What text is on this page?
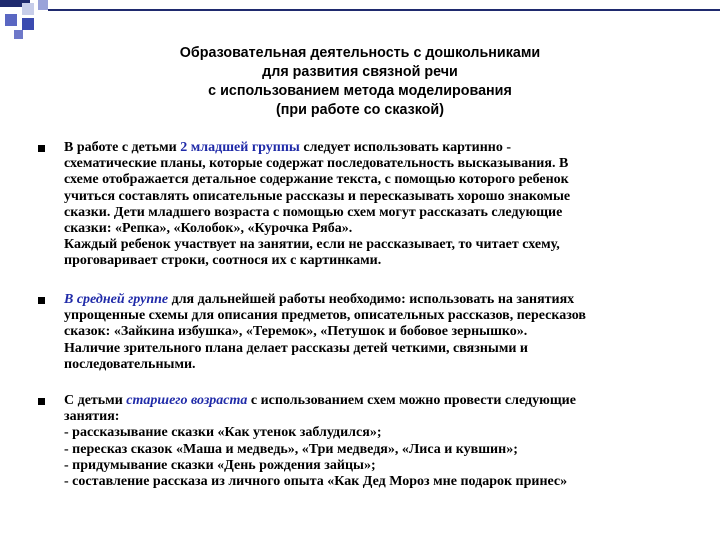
Образовательная деятельность с дошкольниками
для развития связной речи
с использованием метода моделирования
(при работе со сказкой)
В работе с детьми 2 младшей группы следует использовать картинно -
схематические планы, которые содержат последовательность высказывания. В
схеме отображается детальное содержание текста, с помощью которого ребенок
учиться составлять описательные рассказы и пересказывать хорошо знакомые
сказки. Дети младшего возраста с помощью схем могут рассказать следующие
сказки: «Репка», «Колобок», «Курочка Ряба».
Каждый ребенок участвует на занятии, если не рассказывает, то читает схему,
проговаривает строки, соотнося их с картинками.
В средней группе для дальнейшей работы необходимо: использовать на занятиях
упрощенные схемы для описания предметов, описательных рассказов, пересказов
сказок: «Зайкина избушка», «Теремок», «Петушок и бобовое зернышко».
Наличие зрительного плана делает рассказы детей четкими, связными и
последовательными.
С детьми старшего возраста с использованием схем можно провести следующие
занятия:
- рассказывание сказки «Как утенок заблудился»;
- пересказ сказок «Маша и медведь», «Три медведя», «Лиса и кувшин»;
- придумывание сказки «День рождения зайцы»;
- составление рассказа из личного опыта «Как Дед Мороз мне подарок принес»
